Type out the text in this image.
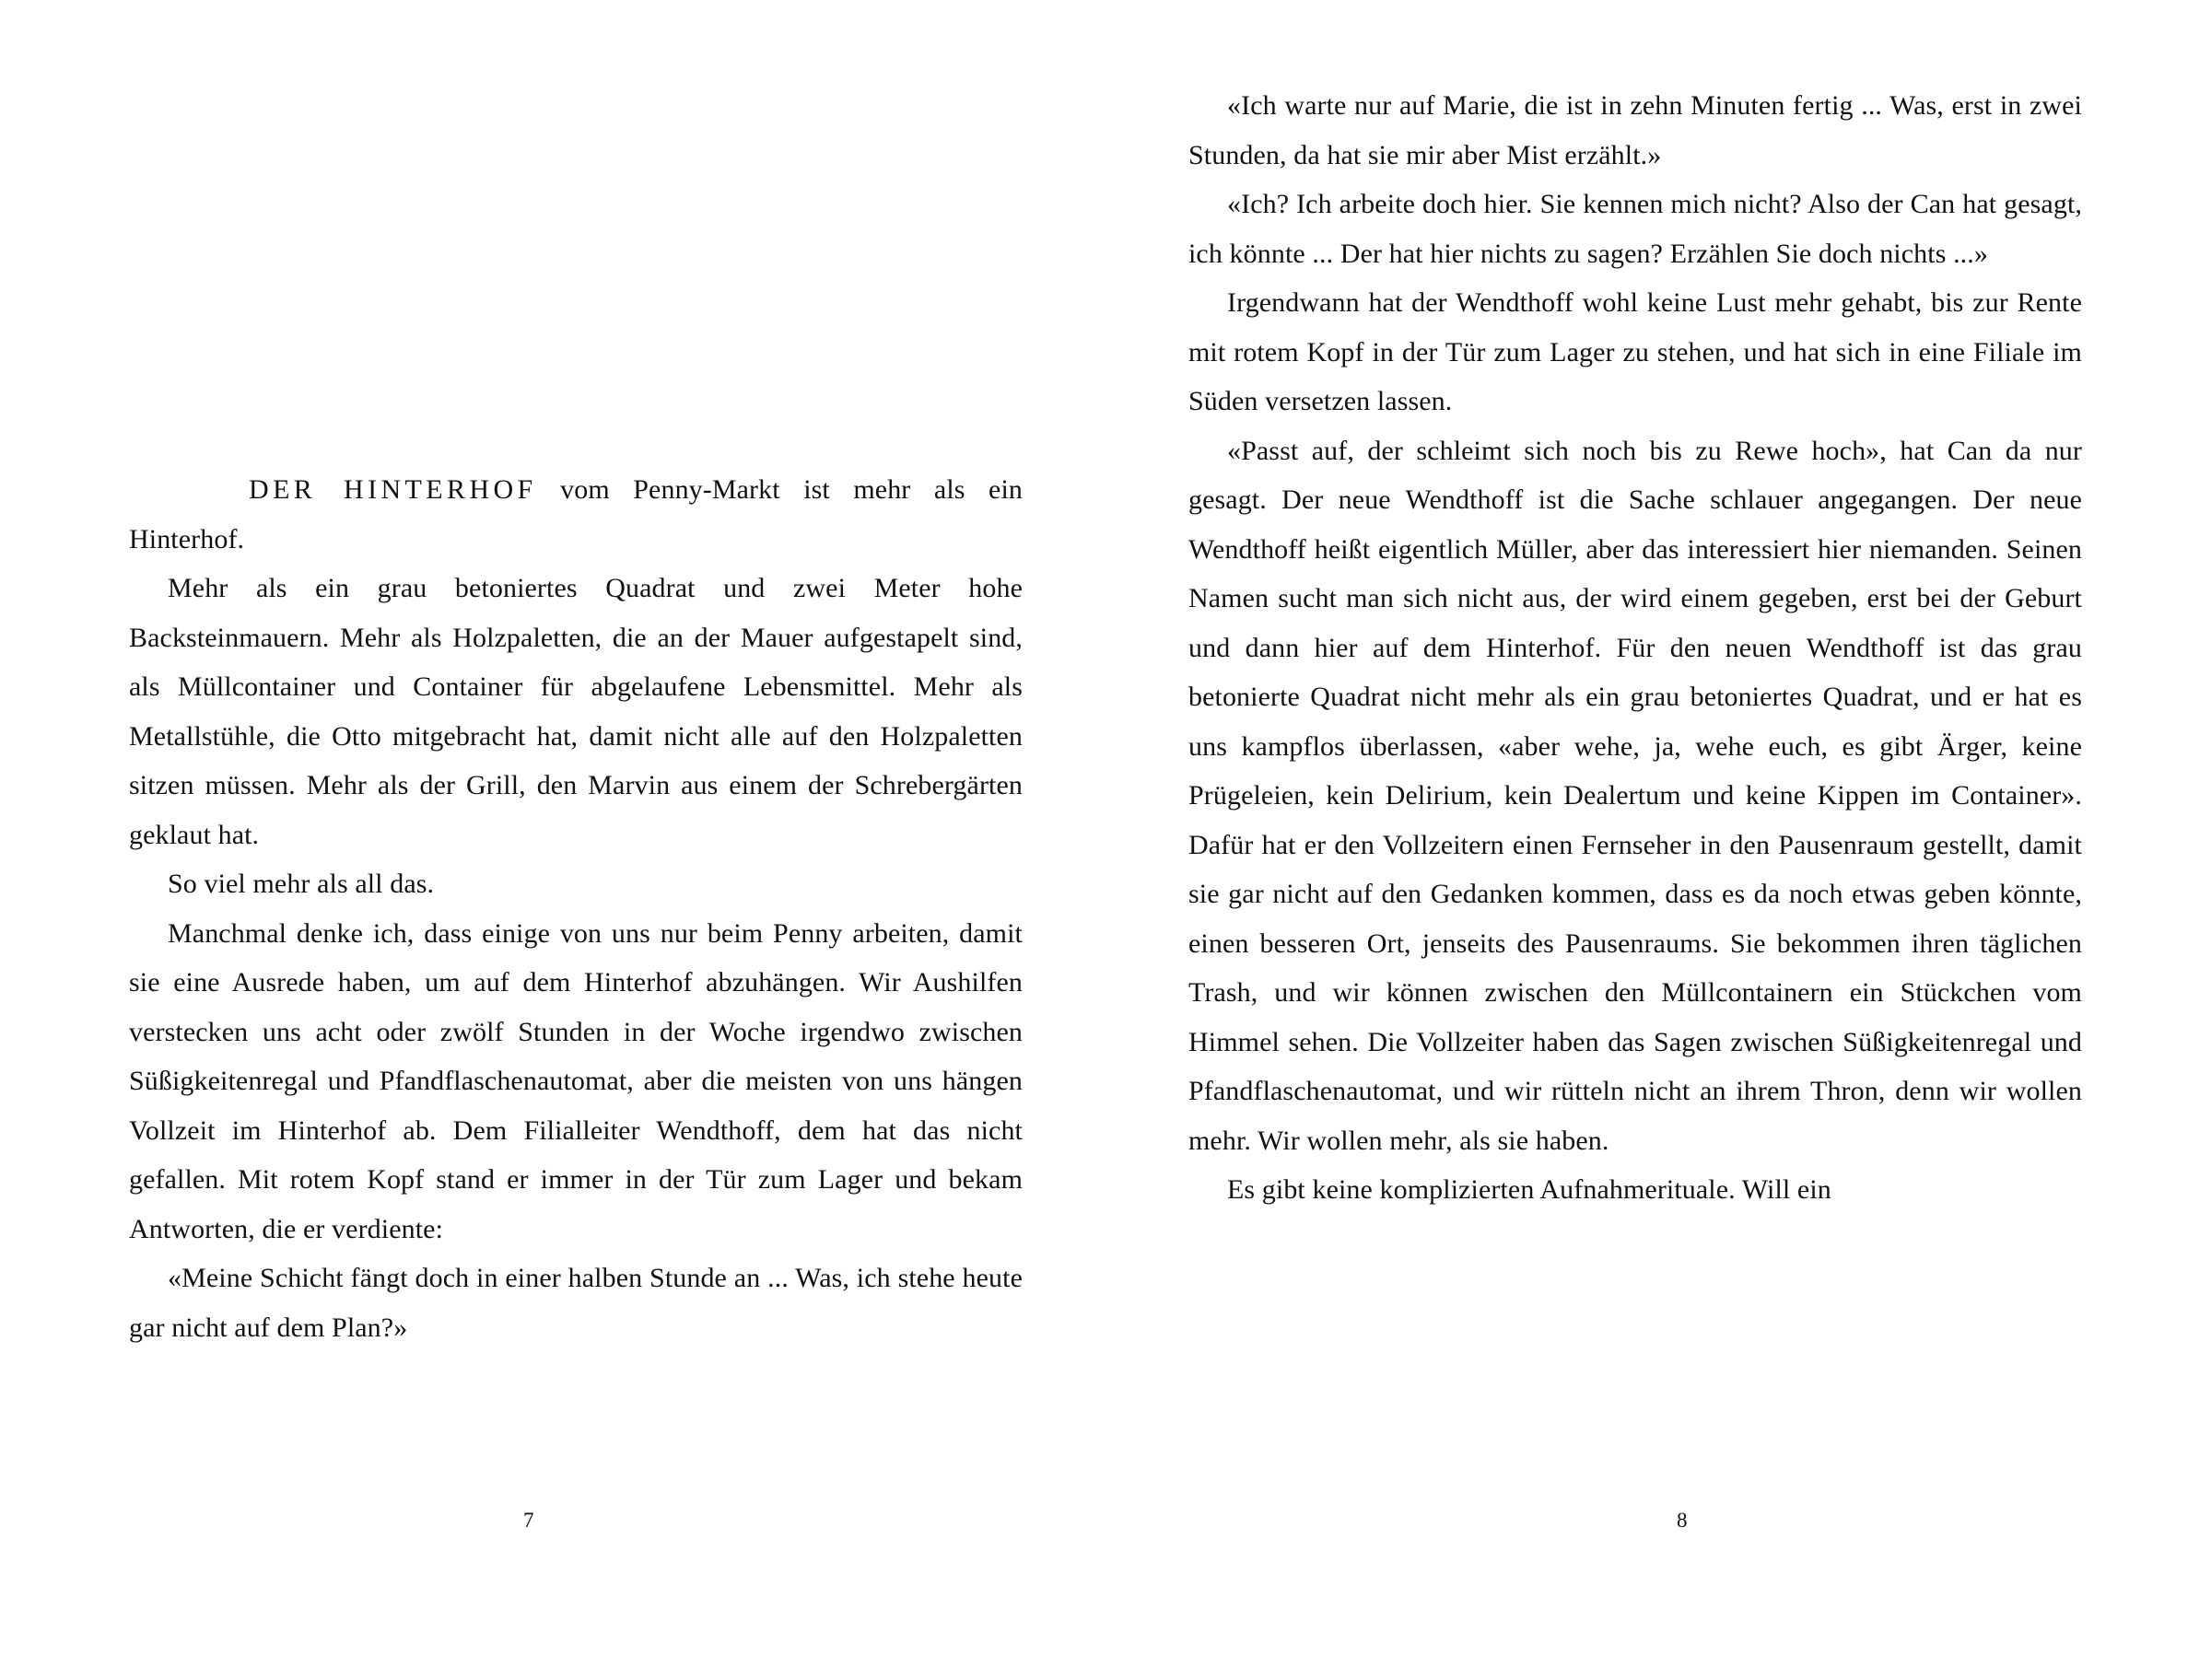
DER HINTERHOF vom Penny-Markt ist mehr als ein Hinterhof.

Mehr als ein grau betoniertes Quadrat und zwei Meter hohe Backsteinmauern. Mehr als Holzpaletten, die an der Mauer aufgestapelt sind, als Müllcontainer und Container für abgelaufene Lebensmittel. Mehr als Metallstühle, die Otto mitgebracht hat, damit nicht alle auf den Holzpaletten sitzen müssen. Mehr als der Grill, den Marvin aus einem der Schrebergärten geklaut hat.

So viel mehr als all das.

Manchmal denke ich, dass einige von uns nur beim Penny arbeiten, damit sie eine Ausrede haben, um auf dem Hinterhof abzuhängen. Wir Aushilfen verstecken uns acht oder zwölf Stunden in der Woche irgendwo zwischen Süßigkeitenregal und Pfandflaschenautomat, aber die meisten von uns hängen Vollzeit im Hinterhof ab. Dem Filialleiter Wendthoff, dem hat das nicht gefallen. Mit rotem Kopf stand er immer in der Tür zum Lager und bekam Antworten, die er verdiente:

«Meine Schicht fängt doch in einer halben Stunde an ... Was, ich stehe heute gar nicht auf dem Plan?»

7

«Ich warte nur auf Marie, die ist in zehn Minuten fertig ... Was, erst in zwei Stunden, da hat sie mir aber Mist erzählt.»

«Ich? Ich arbeite doch hier. Sie kennen mich nicht? Also der Can hat gesagt, ich könnte ... Der hat hier nichts zu sagen? Erzählen Sie doch nichts ...»

Irgendwann hat der Wendthoff wohl keine Lust mehr gehabt, bis zur Rente mit rotem Kopf in der Tür zum Lager zu stehen, und hat sich in eine Filiale im Süden versetzen lassen.

«Passt auf, der schleimt sich noch bis zu Rewe hoch», hat Can da nur gesagt. Der neue Wendthoff ist die Sache schlauer angegangen. Der neue Wendthoff heißt eigentlich Müller, aber das interessiert hier niemanden. Seinen Namen sucht man sich nicht aus, der wird einem gegeben, erst bei der Geburt und dann hier auf dem Hinterhof. Für den neuen Wendthoff ist das grau betonierte Quadrat nicht mehr als ein grau betoniertes Quadrat, und er hat es uns kampflos überlassen, «aber wehe, ja, wehe euch, es gibt Ärger, keine Prügeleien, kein Delirium, kein Dealertum und keine Kippen im Container». Dafür hat er den Vollzeitern einen Fernseher in den Pausenraum gestellt, damit sie gar nicht auf den Gedanken kommen, dass es da noch etwas geben könnte, einen besseren Ort, jenseits des Pausenraums. Sie bekommen ihren täglichen Trash, und wir können zwischen den Müllcontainern ein Stückchen vom Himmel sehen. Die Vollzeiter haben das Sagen zwischen Süßigkeitenregal und Pfandflaschenautomat, und wir rütteln nicht an ihrem Thron, denn wir wollen mehr. Wir wollen mehr, als sie haben.

Es gibt keine komplizierten Aufnahmerituale. Will ein

8
